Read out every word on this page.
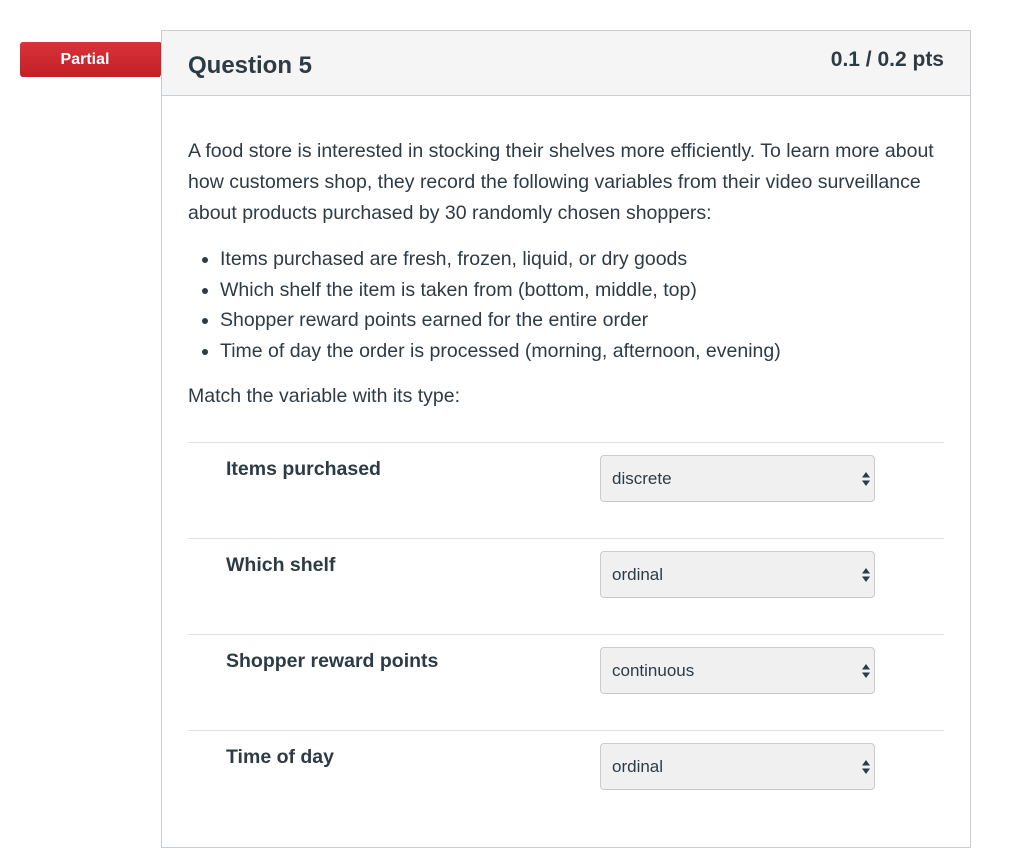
Partial	Question 5	0.1 / 0.2 pts

A food store is interested in stocking their shelves more efficiently. To learn more about how customers shop, they record the following variables from their video surveillance about products purchased by 30 randomly chosen shoppers:

• Items purchased are fresh, frozen, liquid, or dry goods
• Which shelf the item is taken from (bottom, middle, top)
• Shopper reward points earned for the entire order
• Time of day the order is processed (morning, afternoon, evening)

Match the variable with its type:

Items purchased	discrete
Which shelf	ordinal
Shopper reward points	continuous
Time of day	ordinal
